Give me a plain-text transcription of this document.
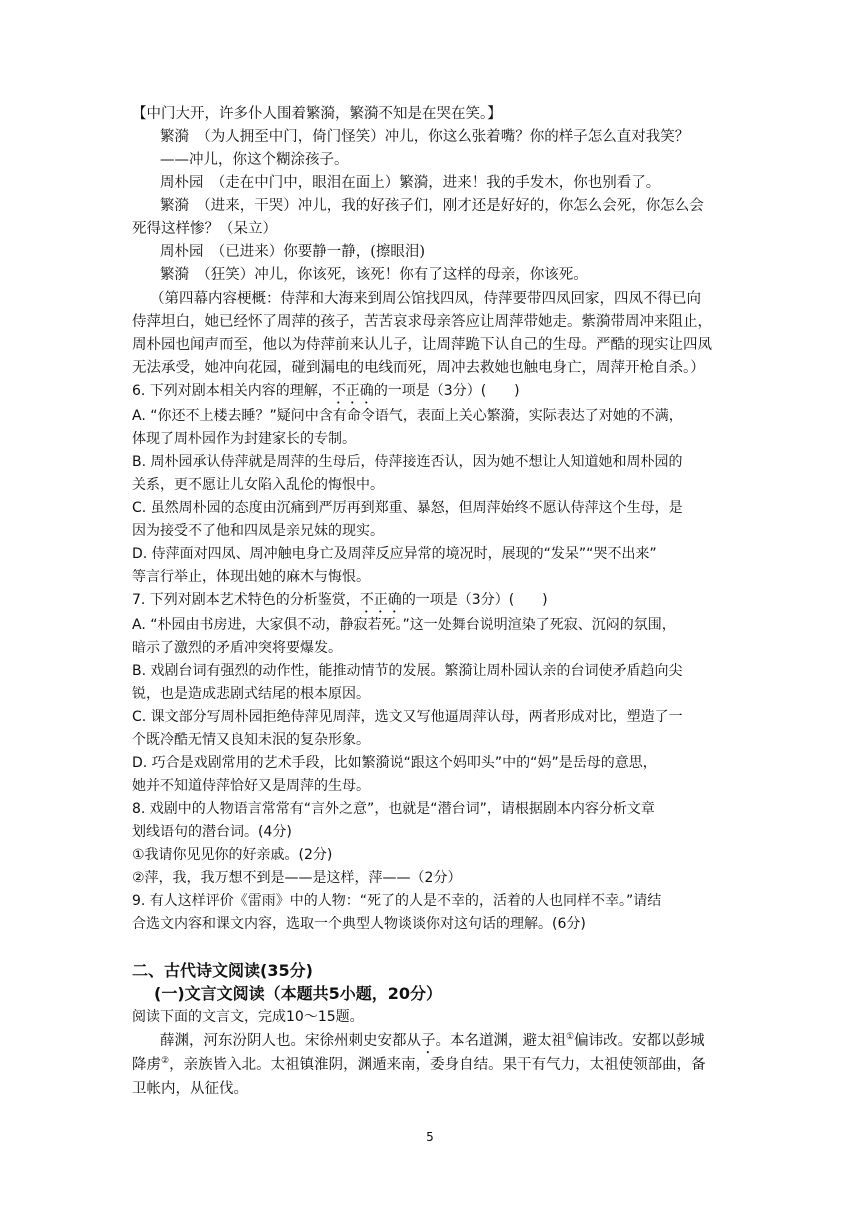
【中门大开，许多仆人围着繁漪，繁漪不知是在哭在笑。】
繁漪　（为人拥至中门，倚门怪笑）冲儿，你这么张着嘴？你的样子怎么直对我笑？
——冲儿，你这个糊涂孩子。
周朴园　（走在中门中，眼泪在面上）繁漪，进来！我的手发木，你也别看了。
繁漪　（进来，干哭）冲儿，我的好孩子们，刚才还是好好的，你怎么会死，你怎么会
死得这样惨？（呆立）
周朴园　（已进来）你要静一静，(擦眼泪)
繁漪　（狂笑）冲儿，你该死，该死！你有了这样的母亲，你该死。
（第四幕内容梗概：侍萍和大海来到周公馆找四凤，侍萍要带四凤回家，四凤不得已向
侍萍坦白，她已经怀了周萍的孩子，苦苦哀求母亲答应让周萍带她走。紫漪带周冲来阻止，
周朴园也闻声而至，他以为侍萍前来认儿子，让周萍跪下认自己的生母。严酷的现实让四凤
无法承受，她冲向花园，碰到漏电的电线而死，周冲去救她也触电身亡，周萍开枪自杀。）
6. 下列对剧本相关内容的理解，不正确的一项是（3分）(　　)
A. “你还不上楼去睡？”疑问中含有命令语气，表面上关心繁漪，实际表达了对她的不满，
体现了周朴园作为封建家长的专制。
B. 周朴园承认侍萍就是周萍的生母后，侍萍接连否认，因为她不想让人知道她和周朴园的
关系，更不愿让儿女陷入乱伦的悔恨中。
C. 虽然周朴园的态度由沉痛到严厉再到郑重、暴怒，但周萍始终不愿认侍萍这个生母，是
因为接受不了他和四凤是亲兄妹的现实。
D. 侍萍面对四凤、周冲触电身亡及周萍反应异常的境况时，展现的“发呆”“哭不出来”
等言行举止，体现出她的麻木与悔恨。
7. 下列对剧本艺术特色的分析鉴赏，不正确的一项是（3分）(　　)
A. “朴园由书房进，大家俱不动，静寂若死。”这一处舞台说明渲染了死寂、沉闷的氛围，
暗示了激烈的矛盾冲突将要爆发。
B. 戏剧台词有强烈的动作性，能推动情节的发展。繁漪让周朴园认亲的台词使矛盾趋向尖
锐，也是造成悲剧式结尾的根本原因。
C. 课文部分写周朴园拒绝侍萍见周萍，选文又写他逼周萍认母，两者形成对比，塑造了一
个既冷酷无情又良知未泯的复杂形象。
D. 巧合是戏剧常用的艺术手段，比如繁漪说“跟这个妈叩头”中的“妈”是岳母的意思，
她并不知道侍萍恰好又是周萍的生母。
8. 戏剧中的人物语言常常有“言外之意”，也就是“潜台词”，请根据剧本内容分析文章
划线语句的潜台词。(4分)
①我请你见见你的好亲戚。(2分)
②萍，我，我万想不到是——是这样，萍——（2分）
9. 有人这样评价《雷雨》中的人物：“死了的人是不幸的，活着的人也同样不幸。”请结
合选文内容和课文内容，选取一个典型人物谈谈你对这句话的理解。(6分)
二、古代诗文阅读(35分)
(一)文言文阅读（本题共5小题，20分）
阅读下面的文言文，完成10～15题。
薛渊，河东汾阴人也。宋徐州刺史安都从子。本名道渊，避太祖①偏讳改。安都以彭城
降虏②，亲族皆入北。太祖镇淮阴，渊遁来南，委身自结。果干有气力，太祖使领部曲，备
卫帐内，从征伐。
5
